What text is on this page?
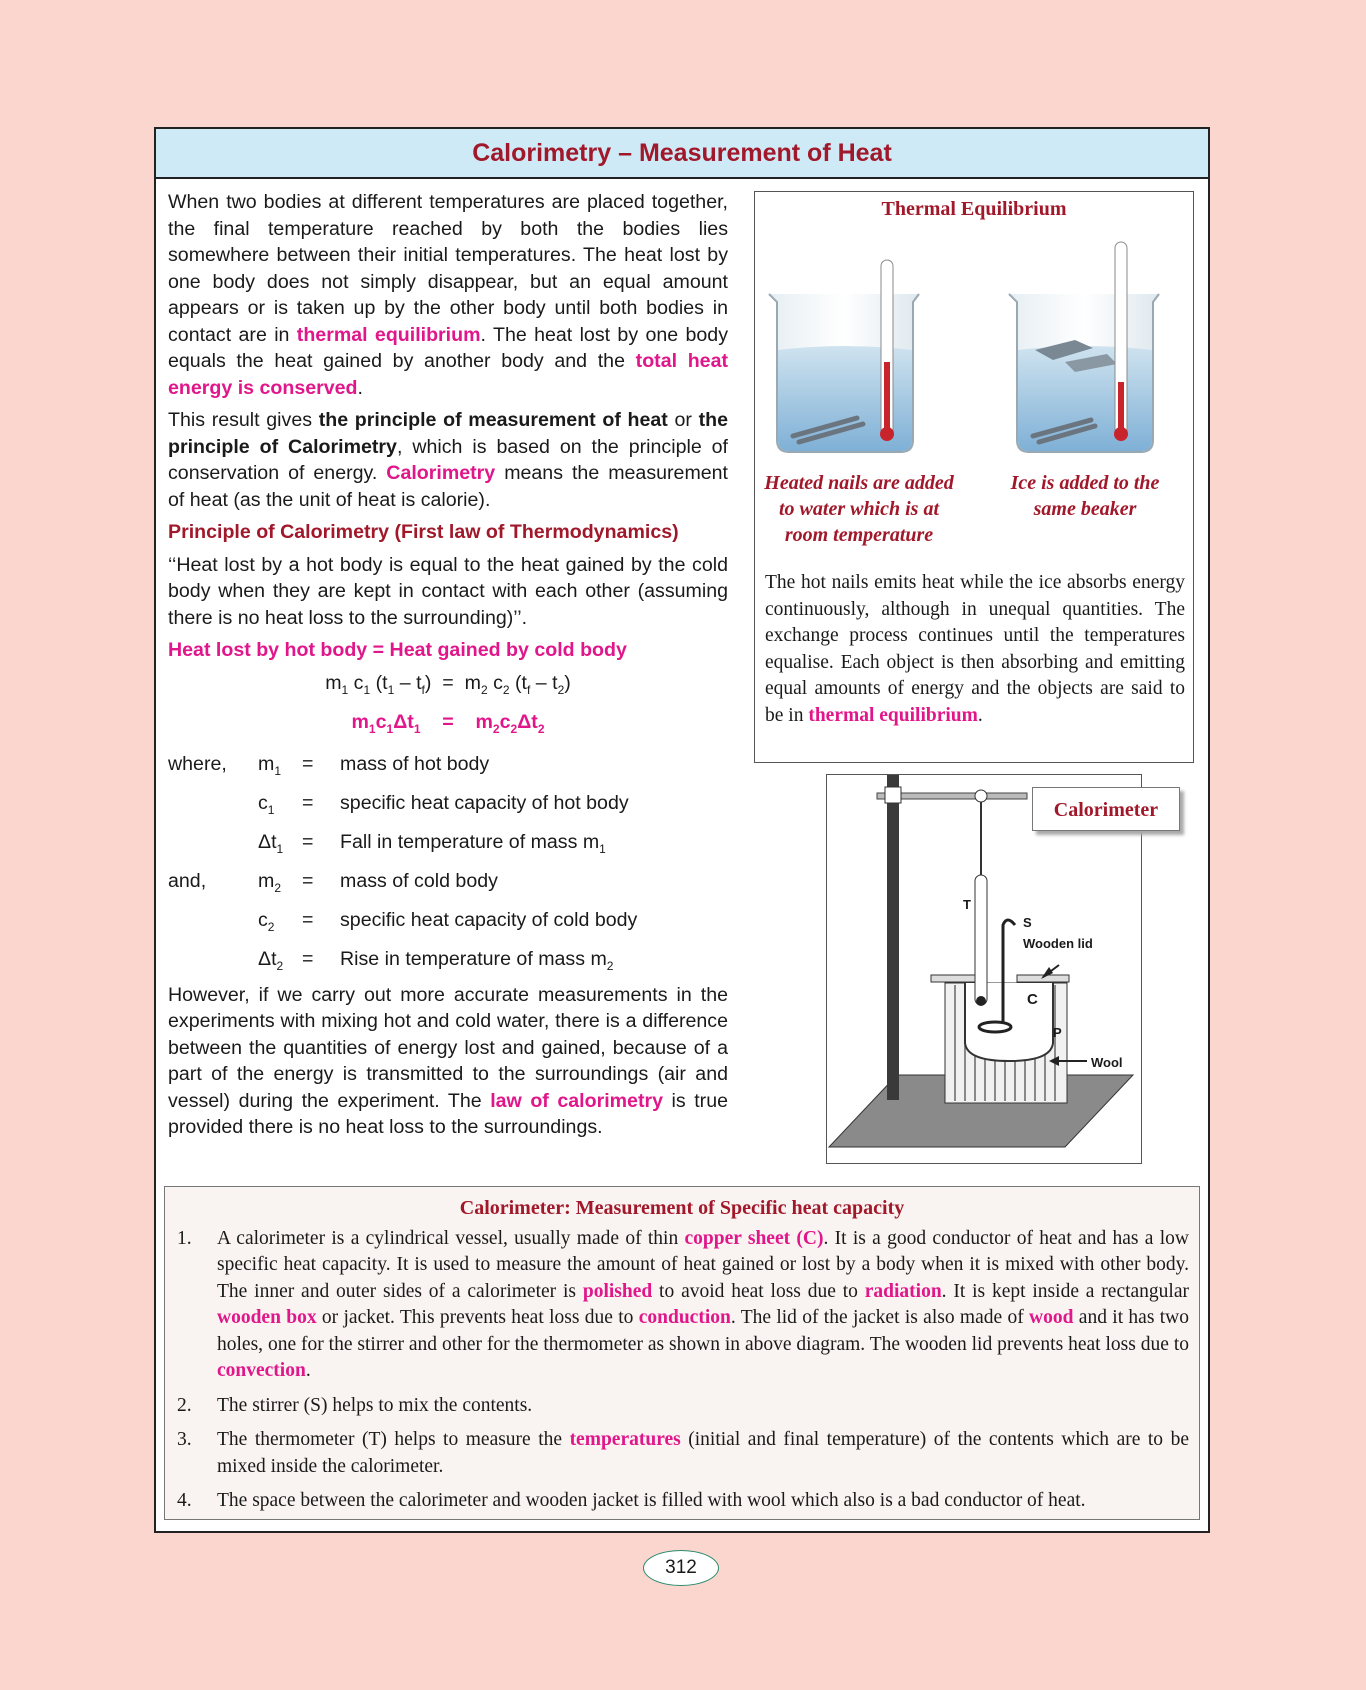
Calorimetry – Measurement of Heat

When two bodies at different temperatures are placed together, the final temperature reached by both the bodies lies somewhere between their initial temperatures. The heat lost by one body does not simply disappear, but an equal amount appears or is taken up by the other body until both bodies in contact are in thermal equilibrium. The heat lost by one body equals the heat gained by another body and the total heat energy is conserved.

This result gives the principle of measurement of heat or the principle of Calorimetry, which is based on the principle of conservation of energy. Calorimetry means the measurement of heat (as the unit of heat is calorie).

Principle of Calorimetry (First law of Thermodynamics)

‘‘Heat lost by a hot body is equal to the heat gained by the cold body when they are kept in contact with each other (assuming there is no heat loss to the surrounding)’’.

Heat lost by hot body = Heat gained by cold body

$m_1$ $c_1$ $(t_1 - t_f) = m_2$ $c_2$ $(t_f - t_2)$
$m_1c_1\Delta t_1$    =    $m_2c_2\Delta t_2$
where,	$m_1$	=	mass of hot body
	$c_1$	=	specific heat capacity of hot body
	$\Delta t_1$	=	Fall in temperature of mass $m_1$
and,	$m_2$	=	mass of cold body
	$c_2$	=	specific heat capacity of cold body
	$\Delta t_2$	=	Rise in temperature of mass $m_2$

However, if we carry out more accurate measurements in the experiments with mixing hot and cold water, there is a difference between the quantities of energy lost and gained, because of a part of the energy is transmitted to the surroundings (air and vessel) during the experiment. The law of calorimetry is true provided there is no heat loss to the surroundings.

Thermal Equilibrium
Heated nails are added to water which is at room temperature
Ice is added to the same beaker
The hot nails emits heat while the ice absorbs energy continuously, although in unequal quantities. The exchange process continues until the temperatures equalise. Each object is then absorbing and emitting equal amounts of energy and the objects are said to be in thermal equilibrium.
T
S
Wooden lid
C
P
Wool
Calorimeter
Calorimeter: Measurement of Specific heat capacity
1. A calorimeter is a cylindrical vessel, usually made of thin copper sheet (C). It is a good conductor of heat and has a low specific heat capacity. It is used to measure the amount of heat gained or lost by a body when it is mixed with other body. The inner and outer sides of a calorimeter is polished to avoid heat loss due to radiation. It is kept inside a rectangular wooden box or jacket. This prevents heat loss due to conduction. The lid of the jacket is also made of wood and it has two holes, one for the stirrer and other for the thermometer as shown in above diagram. The wooden lid prevents heat loss due to convection.
2. The stirrer (S) helps to mix the contents.
3. The thermometer (T) helps to measure the temperatures (initial and final temperature) of the contents which are to be mixed inside the calorimeter.
4. The space between the calorimeter and wooden jacket is filled with wool which also is a bad conductor of heat.
312
